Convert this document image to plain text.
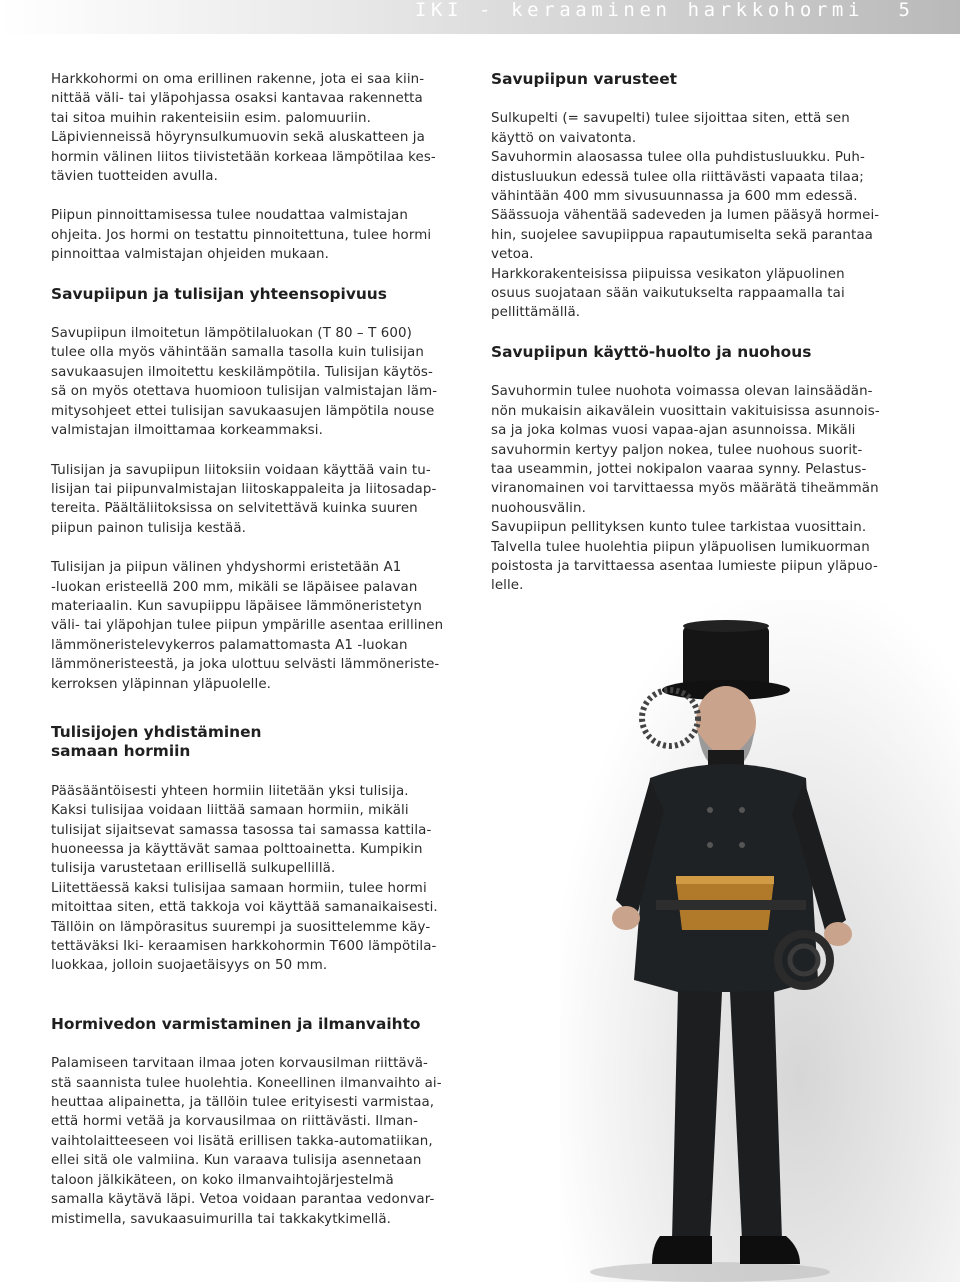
IKI - keraaminen harkkohormi 5

Harkkohormi on oma erillinen rakenne, jota ei saa kiin-
nittää väli- tai yläpohjassa osaksi kantavaa rakennetta
tai sitoa muihin rakenteisiin esim. palomuuriin.
Läpivienneissä höyrynsulkumuovin sekä aluskatteen ja
hormin välinen liitos tiivistetään korkeaa lämpötilaa kes-
tävien tuotteiden avulla.

Piipun pinnoittamisessa tulee noudattaa valmistajan
ohjeita. Jos hormi on testattu pinnoitettuna, tulee hormi
pinnoittaa valmistajan ohjeiden mukaan.

Savupiipun ja tulisijan yhteensopivuus

Savupiipun ilmoitetun lämpötilaluokan (T 80 – T 600)
tulee olla myös vähintään samalla tasolla kuin tulisijan
savukaasujen ilmoitettu keskilämpötila. Tulisijan käytös-
sä on myös otettava huomioon tulisijan valmistajan läm-
mitysohjeet ettei tulisijan savukaasujen lämpötila nouse
valmistajan ilmoittamaa korkeammaksi.

Tulisijan ja savupiipun liitoksiin voidaan käyttää vain tu-
lisijan tai piipunvalmistajan liitoskappaleita ja liitosadap-
tereita. Päältäliitoksissa on selvitettävä kuinka suuren
piipun painon tulisija kestää.

Tulisijan ja piipun välinen yhdyshormi eristetään A1
-luokan eristeellä 200 mm, mikäli se läpäisee palavan
materiaalin. Kun savupiippu läpäisee lämmöneristetyn
väli- tai yläpohjan tulee piipun ympärille asentaa erillinen
lämmöneristelevykerros palamattomasta A1 -luokan
lämmöneristeestä, ja joka ulottuu selvästi lämmöneriste-
kerroksen yläpinnan yläpuolelle.

Tulisijojen yhdistäminen
samaan hormiin

Pääsääntöisesti yhteen hormiin liitetään yksi tulisija.
Kaksi tulisijaa voidaan liittää samaan hormiin, mikäli
tulisijat sijaitsevat samassa tasossa tai samassa kattila-
huoneessa ja käyttävät samaa polttoainetta. Kumpikin
tulisija varustetaan erillisellä sulkupellillä.
Liitettäessä kaksi tulisijaa samaan hormiin, tulee hormi
mitoittaa siten, että takkoja voi käyttää samanaikaisesti.
Tällöin on lämpörasitus suurempi ja suosittelemme käy-
tettäväksi Iki- keraamisen harkkohormin T600 lämpötila-
luokkaa, jolloin suojaetäisyys on 50 mm.

Hormivedon varmistaminen ja ilmanvaihto

Palamiseen tarvitaan ilmaa joten korvausilman riittävä-
stä saannista tulee huolehtia. Koneellinen ilmanvaihto ai-
heuttaa alipainetta, ja tällöin tulee erityisesti varmistaa,
että hormi vetää ja korvausilmaa on riittävästi. Ilman-
vaihtolaitteeseen voi lisätä erillisen takka-automatiikan,
ellei sitä ole valmiina. Kun varaava tulisija asennetaan
taloon jälkikäteen, on koko ilmanvaihtojärjestelmä
samalla käytävä läpi. Vetoa voidaan parantaa vedonvar-
mistimella, savukaasuimurilla tai takkakytkimellä.

Savupiipun varusteet

Sulkupelti (= savupelti) tulee sijoittaa siten, että sen
käyttö on vaivatonta.
Savuhormin alaosassa tulee olla puhdistusluukku. Puh-
distusluukun edessä tulee olla riittävästi vapaata tilaa;
vähintään 400 mm sivusuunnassa ja 600 mm edessä.
Säässuoja vähentää sadeveden ja lumen pääsyä hormei-
hin, suojelee savupiippua rapautumiselta sekä parantaa
vetoa.
Harkkorakenteisissa piipuissa vesikaton yläpuolinen
osuus suojataan sään vaikutukselta rappaamalla tai
pellittämällä.

Savupiipun käyttö-huolto ja nuohous

Savuhormin tulee nuohota voimassa olevan lainsäädän-
nön mukaisin aikavälein vuosittain vakituisissa asunnois-
sa ja joka kolmas vuosi vapaa-ajan asunnoissa. Mikäli
savuhormin kertyy paljon nokea, tulee nuohous suorit-
taa useammin, jottei nokipalon vaaraa synny. Pelastus-
viranomainen voi tarvittaessa myös määrätä tiheämmän
nuohousvälin.
Savupiipun pellityksen kunto tulee tarkistaa vuosittain.
Talvella tulee huolehtia piipun yläpuolisen lumikuorman
poistosta ja tarvittaessa asentaa lumieste piipun yläpuo-
lelle.
